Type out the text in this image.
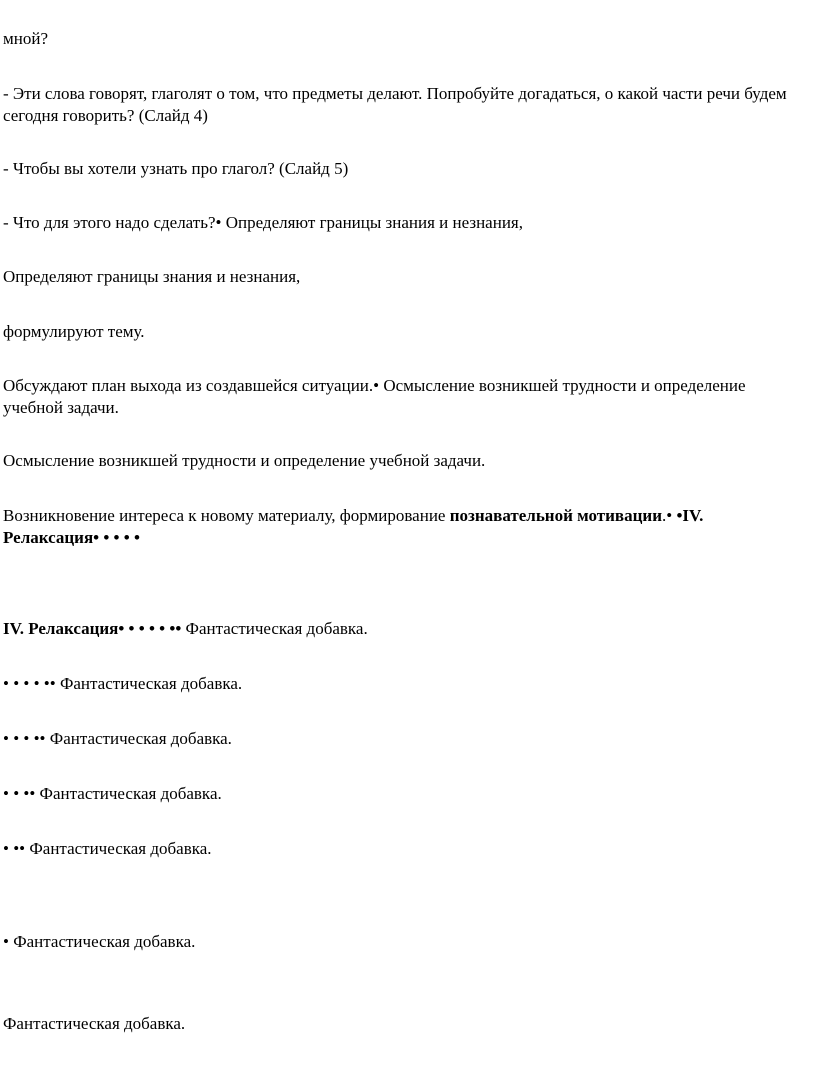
мной?
- Эти слова говорят, глаголят о том, что предметы делают. Попробуйте догадаться, о какой части речи будем сегодня говорить? (Слайд 4)
- Чтобы вы хотели узнать про глагол? (Слайд 5)
- Что для этого надо сделать?• Определяют границы знания и незнания,
Определяют границы знания и незнания,
формулируют тему.
Обсуждают план выхода из создавшейся ситуации.• Осмысление возникшей трудности и определение учебной задачи.
Осмысление возникшей трудности и определение учебной задачи.
Возникновение интереса к новому материалу, формирование познавательной мотивации.• •IV. Релаксация• • • • •
IV. Релаксация• • • • • •• Фантастическая добавка.
• • • • •• Фантастическая добавка.
• • • •• Фантастическая добавка.
• • •• Фантастическая добавка.
• •• Фантастическая добавка.
• Фантастическая добавка.
Фантастическая добавка.
